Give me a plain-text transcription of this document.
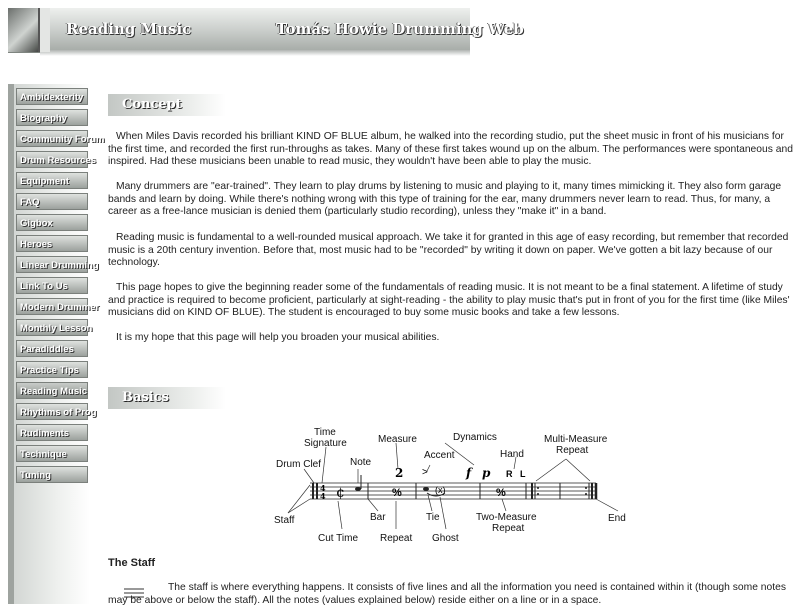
Reading Music	Tomás Howie Drumming Web
Ambidexterity
Biography
Community Forum
Drum Resources
Equipment
FAQ
Gigbox
Heroes
Linear Drumming
Link To Us
Modern Drummer
Monthly Lesson
Paradiddles
Practice Tips
Reading Music
Rhythms of Prog
Rudiments
Technique
Tuning
Concept

When Miles Davis recorded his brilliant KIND OF BLUE album, he walked into the recording studio, put the sheet music in front of his musicians for the first time, and recorded the first run-throughs as takes. Many of these first takes wound up on the album. The performances were spontaneous and inspired. Had these musicians been unable to read music, they wouldn't have been able to play the music.

Many drummers are "ear-trained". They learn to play drums by listening to music and playing to it, many times mimicking it. They also form garage bands and learn by doing. While there's nothing wrong with this type of training for the ear, many drummers never learn to read. Thus, for many, a career as a free-lance musician is denied them (particularly studio recording), unless they "make it" in a band.

Reading music is fundamental to a well-rounded musical approach. We take it for granted in this age of easy recording, but remember that recorded music is a 20th century invention. Before that, most music had to be "recorded" by writing it down on paper. We've gotten a bit lazy because of our technology.

This page hopes to give the beginning reader some of the fundamentals of reading music. It is not meant to be a final statement. A lifetime of study and practice is required to become proficient, particularly at sight-reading - the ability to play music that's put in front of you for the first time (like Miles' musicians did on KIND OF BLUE). The student is encouraged to buy some music books and take a few lessons.

It is my hope that this page will help you broaden your musical abilities.

Basics
4
4 ¢
2
%
>
(x)
f p R L
%
Time
Signature	Measure	Dynamics	Multi-Measure
Repeat
Note
Accent	Hand
Drum Clef
Staff	Bar	Tie	Two-Measure
Repeat
End
Cut Time Repeat Ghost
The Staff

The staff is where everything happens. It consists of five lines and all the information you need is contained within it (though some notes may be above or below the staff). All the notes (values explained below) reside either on a line or in a space.
